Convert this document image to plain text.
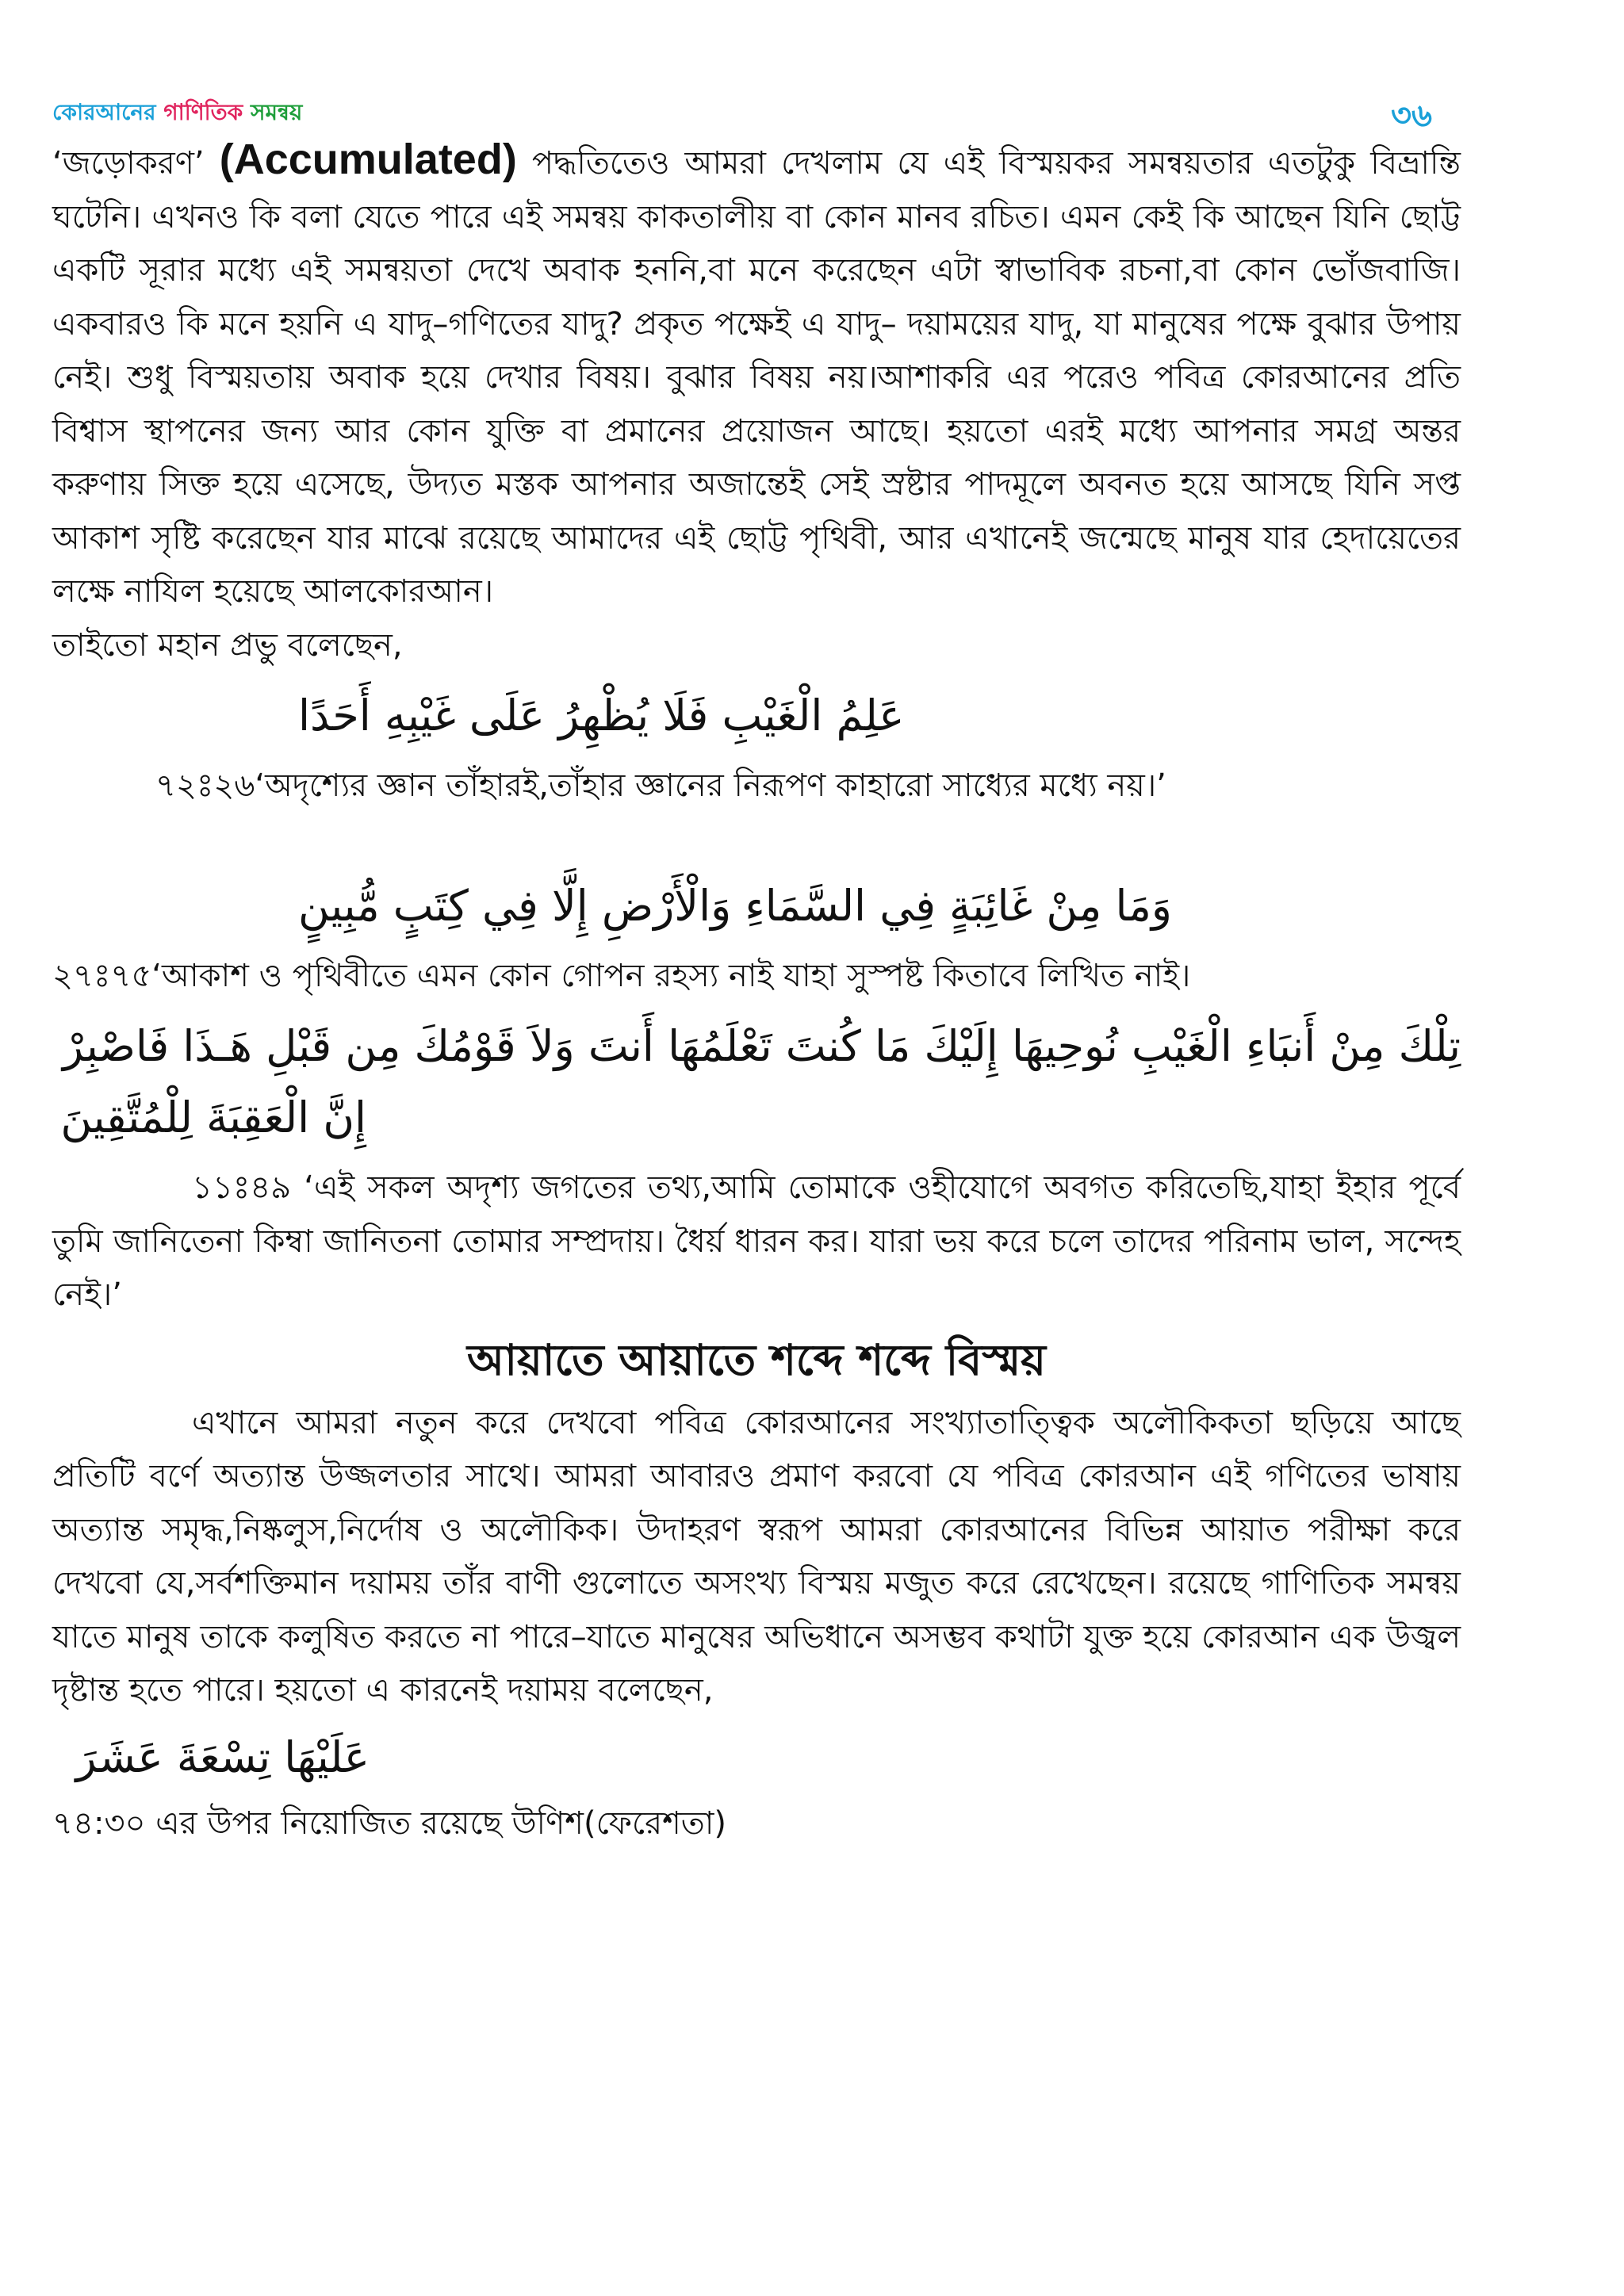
কোরআনের গাণিতিক সমন্বয়	৩৬

‘জড়োকরণ’ (Accumulated) পদ্ধতিতেও আমরা দেখলাম যে এই বিস্ময়কর সমন্বয়তার এতটুকু বিভ্রান্তি ঘটেনি। এখনও কি বলা যেতে পারে এই সমন্বয় কাকতালীয় বা কোন মানব রচিত। এমন কেই কি আছেন যিনি ছোট্ট একটি সূরার মধ্যে এই সমন্বয়তা দেখে অবাক হননি,বা মনে করেছেন এটা স্বাভাবিক রচনা,বা কোন ভোঁজবাজি। একবারও কি মনে হয়নি এ যাদু–গণিতের যাদু? প্রকৃত পক্ষেই এ যাদু– দয়াময়ের যাদু, যা মানুষের পক্ষে বুঝার উপায় নেই। শুধু বিস্ময়তায় অবাক হয়ে দেখার বিষয়। বুঝার বিষয় নয়।আশাকরি এর পরেও পবিত্র কোরআনের প্রতি বিশ্বাস স্থাপনের জন্য আর কোন যুক্তি বা প্রমানের প্রয়োজন আছে। হয়তো এরই মধ্যে আপনার সমগ্র অন্তর করুণায় সিক্ত হয়ে এসেছে, উদ্যত মস্তক আপনার অজান্তেই সেই স্রষ্টার পাদমূলে অবনত হয়ে আসছে যিনি সপ্ত আকাশ সৃষ্টি করেছেন যার মাঝে রয়েছে আমাদের এই ছোট্ট পৃথিবী, আর এখানেই জন্মেছে মানুষ যার হেদায়েতের লক্ষে নাযিল হয়েছে আলকোরআন।

তাইতো মহান প্রভু বলেছেন,

عَلِمُ الْغَيْبِ فَلَا يُظْهِرُ عَلَى غَيْبِهِ أَحَدًا

৭২ঃ২৬‘অদৃশ্যের জ্ঞান তাঁহারই,তাঁহার জ্ঞানের নিরূপণ কাহারো সাধ্যের মধ্যে নয়।’

وَمَا مِنْ غَائِبَةٍ فِي السَّمَاءِ وَالْأَرْضِ إِلَّا فِي كِتَبٍ مُّبِينٍ

২৭ঃ৭৫‘আকাশ ও পৃথিবীতে এমন কোন গোপন রহস্য নাই যাহা সুস্পষ্ট কিতাবে লিখিত নাই।

تِلْكَ مِنْ أَنبَاءِ الْغَيْبِ نُوحِيهَا إِلَيْكَ مَا كُنتَ تَعْلَمُهَا أَنتَ وَلاَ قَوْمُكَ مِن قَبْلِ هَـذَا فَاصْبِرْ
إِنَّ الْعَقِبَةَ لِلْمُتَّقِينَ

১১ঃ৪৯ ‘এই সকল অদৃশ্য জগতের তথ্য,আমি তোমাকে ওহীযোগে অবগত করিতেছি,যাহা ইহার পূর্বে তুমি জানিতেনা কিম্বা জানিতনা তোমার সম্প্রদায়। ধৈর্য় ধারন কর। যারা ভয় করে চলে তাদের পরিনাম ভাল, সন্দেহ নেই।’

আয়াতে আয়াতে শব্দে শব্দে বিস্ময়

এখানে আমরা নতুন করে দেখবো পবিত্র কোরআনের সংখ্যাতাত্ত্বিক অলৌকিকতা ছড়িয়ে আছে প্রতিটি বর্ণে অত্যান্ত উজ্জলতার সাথে। আমরা আবারও প্রমাণ করবো যে পবিত্র কোরআন এই গণিতের ভাষায় অত্যান্ত সমৃদ্ধ,নিষ্কলুস,নির্দোষ ও অলৌকিক। উদাহরণ স্বরূপ আমরা কোরআনের বিভিন্ন আয়াত পরীক্ষা করে দেখবো যে,সর্বশক্তিমান দয়াময় তাঁর বাণী গুলোতে অসংখ্য বিস্ময় মজুত করে রেখেছেন। রয়েছে গাণিতিক সমন্বয় যাতে মানুষ তাকে কলুষিত করতে না পারে–যাতে মানুষের অভিধানে অসম্ভব কথাটা যুক্ত হয়ে কোরআন এক উজ্বল দৃষ্টান্ত হতে পারে। হয়তো এ কারনেই দয়াময় বলেছেন,

عَلَيْهَا تِسْعَةَ عَشَرَ

৭৪:৩০ এর উপর নিয়োজিত রয়েছে উণিশ(ফেরেশতা)
